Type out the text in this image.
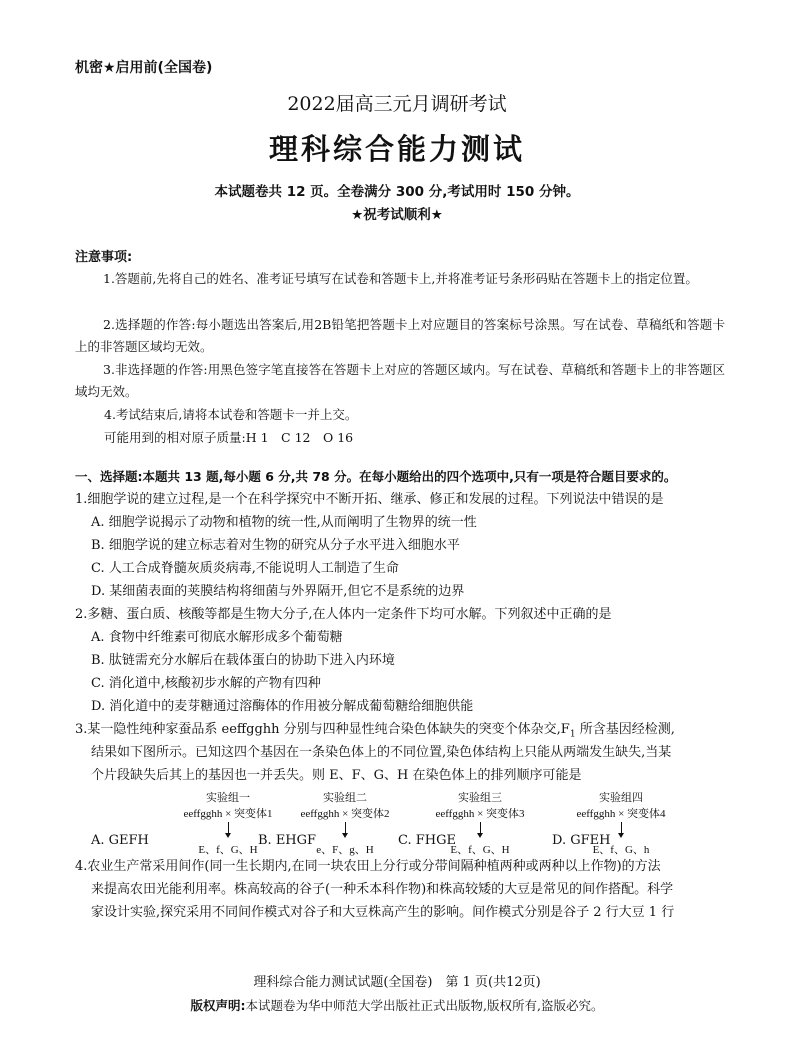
机密★启用前(全国卷)
2022届高三元月调研考试
理科综合能力测试
本试题卷共 12 页。全卷满分 300 分,考试用时 150 分钟。
★祝考试顺利★
注意事项:
1.答题前,先将自己的姓名、准考证号填写在试卷和答题卡上,并将准考证号条形码贴在答题卡上的指定位置。
2.选择题的作答:每小题选出答案后,用2B铅笔把答题卡上对应题目的答案标号涂黑。写在试卷、草稿纸和答题卡上的非答题区域均无效。
3.非选择题的作答:用黑色签字笔直接答在答题卡上对应的答题区域内。写在试卷、草稿纸和答题卡上的非答题区域均无效。
4.考试结束后,请将本试卷和答题卡一并上交。
可能用到的相对原子质量:H 1　C 12　O 16
一、选择题:本题共 13 题,每小题 6 分,共 78 分。在每小题给出的四个选项中,只有一项是符合题目要求的。
1.细胞学说的建立过程,是一个在科学探究中不断开拓、继承、修正和发展的过程。下列说法中错误的是
A. 细胞学说揭示了动物和植物的统一性,从而阐明了生物界的统一性
B. 细胞学说的建立标志着对生物的研究从分子水平进入细胞水平
C. 人工合成脊髓灰质炎病毒,不能说明人工制造了生命
D. 某细菌表面的荚膜结构将细菌与外界隔开,但它不是系统的边界
2.多糖、蛋白质、核酸等都是生物大分子,在人体内一定条件下均可水解。下列叙述中正确的是
A. 食物中纤维素可彻底水解形成多个葡萄糖
B. 肽链需充分水解后在载体蛋白的协助下进入内环境
C. 消化道中,核酸初步水解的产物有四种
D. 消化道中的麦芽糖通过溶酶体的作用被分解成葡萄糖给细胞供能
3.某一隐性纯种家蚕品系 eeffgghh 分别与四种显性纯合染色体缺失的突变个体杂交$,F_1$ 所含基因经检测,
结果如下图所示。已知这四个基因在一条染色体上的不同位置,染色体结构上只能从两端发生缺失,当某
个片段缺失后其上的基因也一并丢失。则 E、F、G、H 在染色体上的排列顺序可能是
实验组一
eeffgghh × 突变体1
E、f、G、H
实验组二
eeffgghh × 突变体2
e、F、g、H
实验组三
eeffgghh × 突变体3
E、f、G、H
实验组四
eeffgghh × 突变体4
E、f、G、h
A. GEFH	B. EHGF	C. FHGE	D. GFEH
4.农业生产常采用间作(同一生长期内,在同一块农田上分行或分带间隔种植两种或两种以上作物)的方法
来提高农田光能利用率。株高较高的谷子(一种禾本科作物)和株高较矮的大豆是常见的间作搭配。科学
家设计实验,探究采用不同间作模式对谷子和大豆株高产生的影响。间作模式分别是谷子 2 行大豆 1 行
理科综合能力测试试题(全国卷)　第 1 页(共12页)
版权声明:本试题卷为华中师范大学出版社正式出版物,版权所有,盗版必究。
